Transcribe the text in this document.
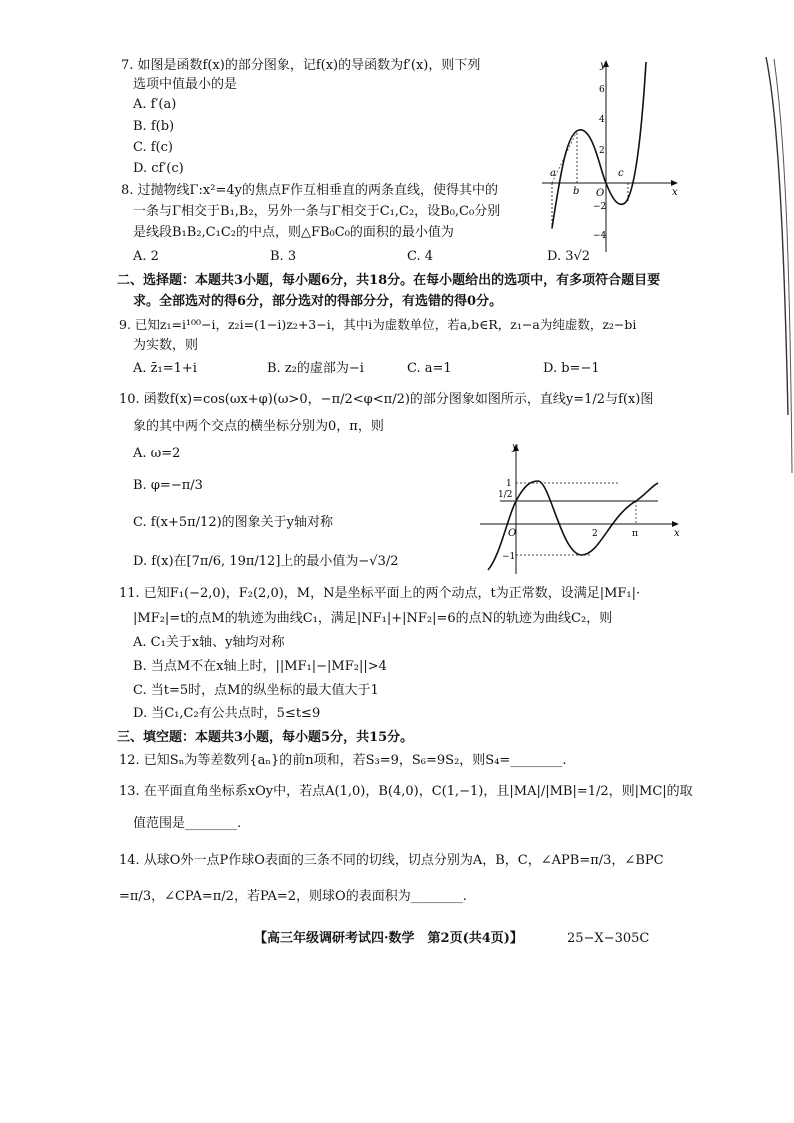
7. 如图是函数f(x)的部分图象，记f(x)的导函数为f′(x)，则下列
选项中值最小的是
A. f′(a)
B. f(b)
C. f(c)
D. cf′(c)
y
x
O
6
4
2
−2
−4
a
b
c
8. 过抛物线Γ:x²=4y的焦点F作互相垂直的两条直线，使得其中的
一条与Γ相交于B₁,B₂，另外一条与Γ相交于C₁,C₂，设B₀,C₀分别
是线段B₁B₂,C₁C₂的中点，则△FB₀C₀的面积的最小值为
A. 2	B. 3	C. 4	D. 3√2
二、选择题：本题共3小题，每小题6分，共18分。在每小题给出的选项中，有多项符合题目要
求。全部选对的得6分，部分选对的得部分分，有选错的得0分。
9. 已知z₁=i¹⁰⁰−i，z₂i=(1−i)z₂+3−i，其中i为虚数单位，若a,b∈R，z₁−a为纯虚数，z₂−bi
为实数，则
A. z̄₁=1+i	B. z₂的虚部为−i	C. a=1	D. b=−1
10. 函数f(x)=cos(ωx+φ)(ω>0，−π/2<φ<π/2)的部分图象如图所示，直线y=1/2与f(x)图
象的其中两个交点的横坐标分别为0，π，则
A. ω=2
B. φ=−π/3
C. f(x+5π/12)的图象关于y轴对称
D. f(x)在[7π/6, 19π/12]上的最小值为−√3/2
y
x
O
1
1/2
−1
2	π
11. 已知F₁(−2,0)，F₂(2,0)，M，N是坐标平面上的两个动点，t为正常数，设满足|MF₁|·
|MF₂|=t的点M的轨迹为曲线C₁，满足|NF₁|+|NF₂|=6的点N的轨迹为曲线C₂，则
A. C₁关于x轴、y轴均对称
B. 当点M不在x轴上时，||MF₁|−|MF₂||>4
C. 当t=5时，点M的纵坐标的最大值大于1
D. 当C₁,C₂有公共点时，5≤t≤9
三、填空题：本题共3小题，每小题5分，共15分。
12. 已知Sₙ为等差数列{aₙ}的前n项和，若S₃=9，S₆=9S₂，则S₄=________.
13. 在平面直角坐标系xOy中，若点A(1,0)，B(4,0)，C(1,−1)，且|MA|/|MB|=1/2，则|MC|的取
值范围是________.
14. 从球O外一点P作球O表面的三条不同的切线，切点分别为A，B，C，∠APB=π/3，∠BPC
=π/3，∠CPA=π/2，若PA=2，则球O的表面积为________.
【高三年级调研考试四·数学　第2页(共4页)】	25−X−305C
